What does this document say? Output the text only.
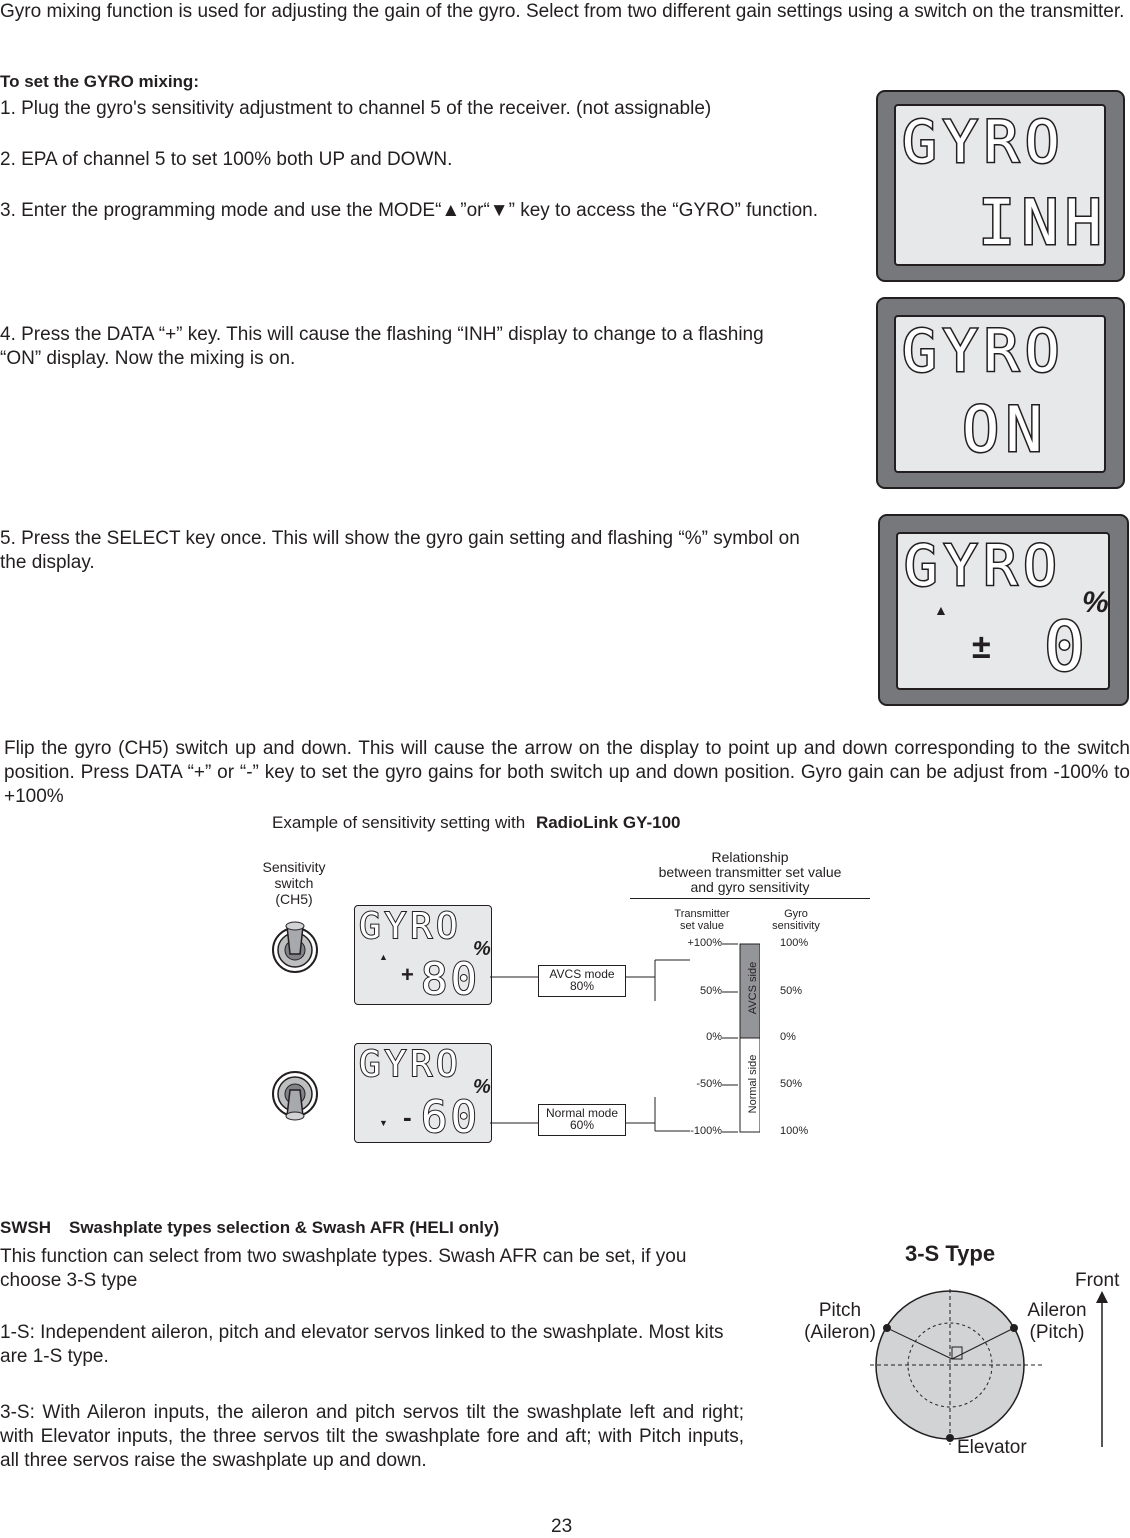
Gyro mixing function is used for adjusting the gain of the gyro. Select from two different gain settings using a switch on the transmitter.

To set the GYRO mixing:

1. Plug the gyro's sensitivity adjustment to channel 5 of the receiver. (not assignable)

2. EPA of channel 5 to set 100% both UP and DOWN.

3. Enter the programming mode and use the MODE“▲”or“▼” key to access the “GYRO” function.

4. Press the DATA “+” key. This will cause the flashing “INH” display to change to a flashing “ON” display. Now the mixing is on.

5. Press the SELECT key once. This will show the gyro gain setting and flashing “%” symbol on the display.

GYRO
INH
GYRO
ON
GYRO
%
▲
± 0

Flip the gyro (CH5) switch up and down. This will cause the arrow on the display to point up and down corresponding to the switch position. Press DATA “+” or “-” key to set the gyro gains for both switch up and down position. Gyro gain can be adjust from -100% to +100%

Example of sensitivity setting with RadioLink GY-100
Sensitivity
switch
(CH5)
GYRO
%
▲
+ 80
GYRO
%
▼ - 60
AVCS mode
80%
Normal mode
60%
Relationship
between transmitter set value
and gyro sensitivity
Transmitter
set value
Gyro
sensitivity
+100%
50%
0%
-50%
-100%
100%
50%
0%
50%
100%
AVCS side
Normal side
SWSH Swashplate types selection & Swash AFR (HELI only)

This function can select from two swashplate types. Swash AFR can be set, if you choose 3-S type

1-S: Independent aileron, pitch and elevator servos linked to the swashplate. Most kits are 1-S type.

3-S: With Aileron inputs, the aileron and pitch servos tilt the swashplate left and right; with Elevator inputs, the three servos tilt the swashplate fore and aft; with Pitch inputs, all three servos raise the swashplate up and down.

3-S Type
Front
Pitch
(Aileron)
Aileron
(Pitch)
Elevator
23
